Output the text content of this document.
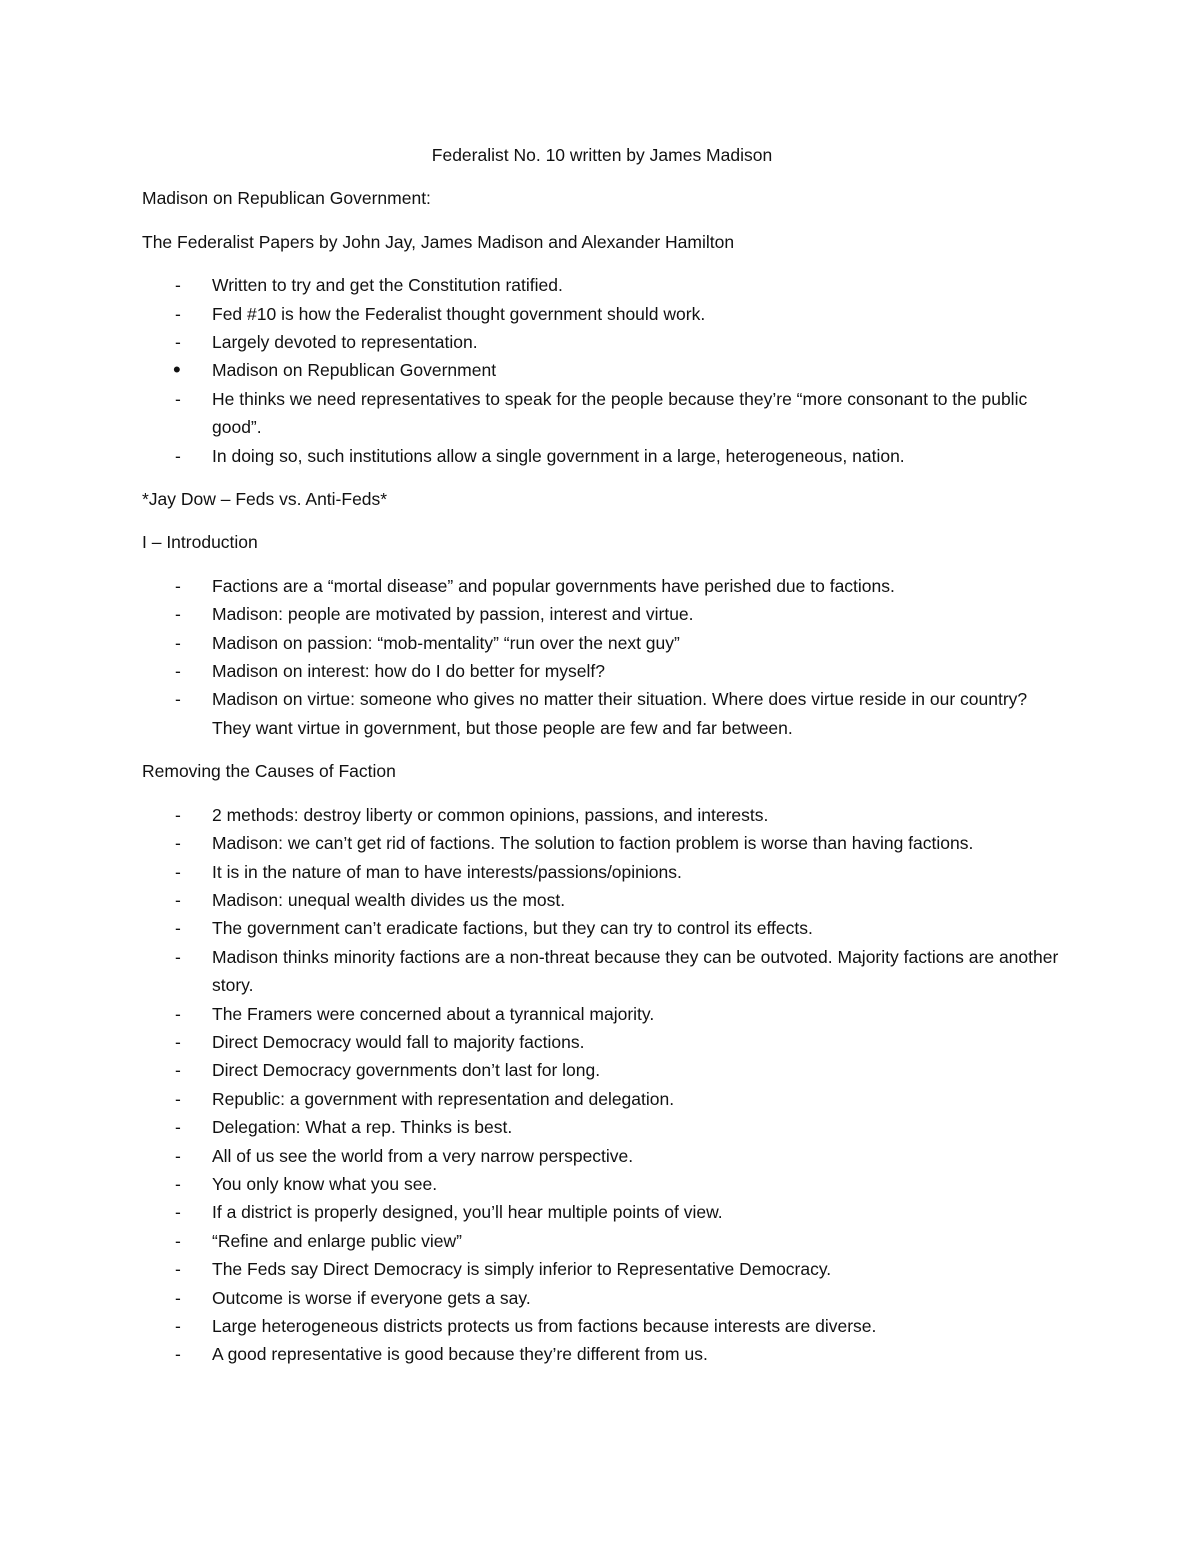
Federalist No. 10 written by James Madison
Madison on Republican Government:
The Federalist Papers by John Jay, James Madison and Alexander Hamilton
-	Written to try and get the Constitution ratified.
-	Fed #10 is how the Federalist thought government should work.
-	Largely devoted to representation.
•	Madison on Republican Government
-	He thinks we need representatives to speak for the people because they’re “more consonant to the public good”.
-	In doing so, such institutions allow a single government in a large, heterogeneous, nation.
*Jay Dow – Feds vs. Anti-Feds*
I – Introduction
-	Factions are a “mortal disease” and popular governments have perished due to factions.
-	Madison: people are motivated by passion, interest and virtue.
-	Madison on passion: “mob-mentality” “run over the next guy”
-	Madison on interest: how do I do better for myself?
-	Madison on virtue: someone who gives no matter their situation. Where does virtue reside in our country? They want virtue in government, but those people are few and far between.
Removing the Causes of Faction
-	2 methods: destroy liberty or common opinions, passions, and interests.
-	Madison: we can’t get rid of factions. The solution to faction problem is worse than having factions.
-	It is in the nature of man to have interests/passions/opinions.
-	Madison: unequal wealth divides us the most.
-	The government can’t eradicate factions, but they can try to control its effects.
-	Madison thinks minority factions are a non-threat because they can be outvoted. Majority factions are another story.
-	The Framers were concerned about a tyrannical majority.
-	Direct Democracy would fall to majority factions.
-	Direct Democracy governments don’t last for long.
-	Republic: a government with representation and delegation.
-	Delegation: What a rep. Thinks is best.
-	All of us see the world from a very narrow perspective.
-	You only know what you see.
-	If a district is properly designed, you’ll hear multiple points of view.
-	“Refine and enlarge public view”
-	The Feds say Direct Democracy is simply inferior to Representative Democracy.
-	Outcome is worse if everyone gets a say.
-	Large heterogeneous districts protects us from factions because interests are diverse.
-	A good representative is good because they’re different from us.
